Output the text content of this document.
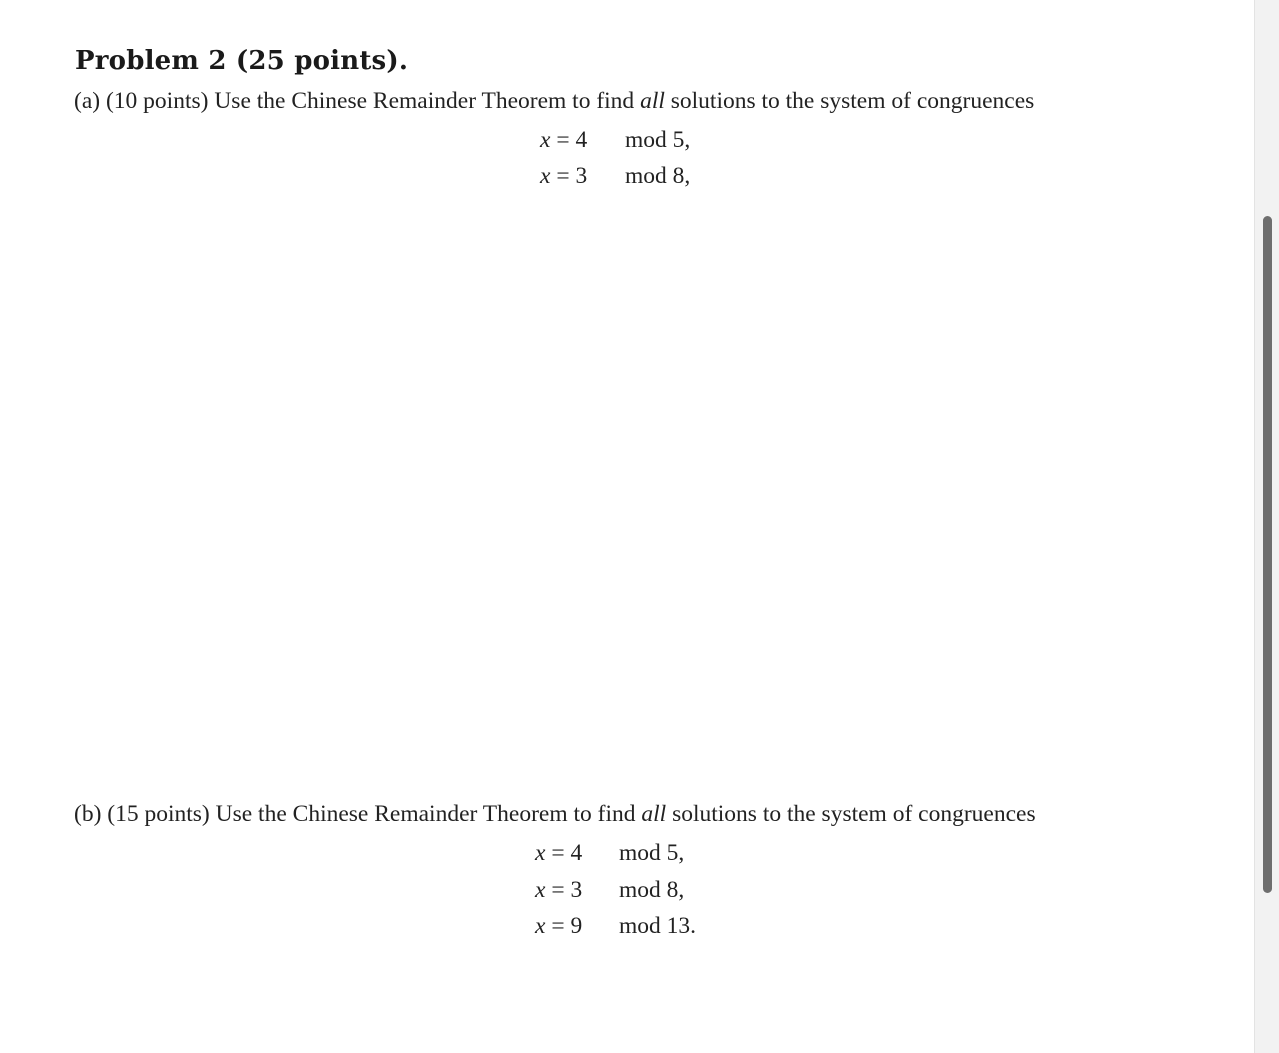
Problem 2 (25 points).

(a) (10 points) Use the Chinese Remainder Theorem to find all solutions to the system of congruences

x = 4 mod 5,
x = 3 mod 8,

(b) (15 points) Use the Chinese Remainder Theorem to find all solutions to the system of congruences

x = 4 mod 5,
x = 3 mod 8,
x = 9 mod 13.
